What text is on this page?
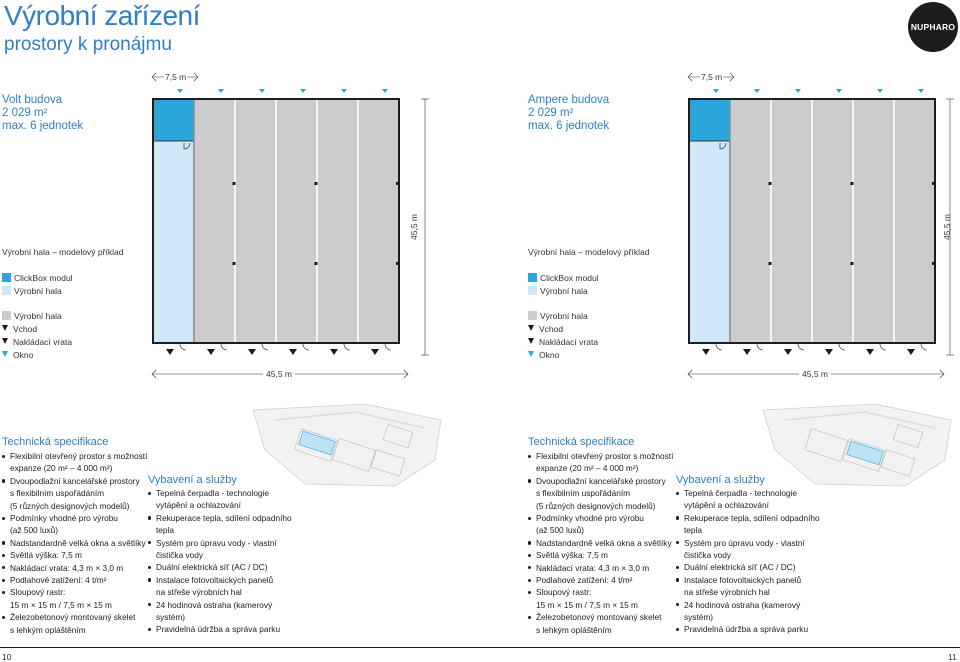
Výrobní zařízení
prostory k pronájmu
NUPHARO
Volt budova
2 029 m²
max. 6 jednotek
7,5 m
45,5 m
45,5 m
Výrobní hala – modelový příklad
ClickBox modul
Výrobní hala
Výrobní hala
Vchod
Nakládací vrata
Okno
Technická specifikace
Flexibilní otevřený prostor s možností
expanze (20 m² – 4 000 m²)
Dvoupodlažní kancelářské prostory
s flexibilním uspořádáním
(5 různých designových modelů)
Podmínky vhodné pro výrobu
(až 500 luxů)
Nadstandardně velká okna a světlíky
Světlá výška: 7,5 m
Nakládací vrata: 4,3 m × 3,0 m
Podlahové zatížení: 4 t/m²
Sloupový rastr:
15 m × 15 m / 7,5 m × 15 m
Železobetonový montovaný skelet
s lehkým opláštěním
Vybavení a služby
Tepelná čerpadla - technologie
vytápění a ochlazování
Rekuperace tepla, sdílení odpadního
tepla
Systém pro úpravu vody - vlastní
čistička vody
Duální elektrická síť (AC / DC)
Instalace fotovoltaických panelů
na střeše výrobních hal
24 hodinová ostraha (kamerový
systém)
Pravidelná údržba a správa parku
10
Ampere budova
2 029 m²
max. 6 jednotek
7,5 m
45,5 m
45,5 m
Výrobní hala – modelový příklad
ClickBox modul
Výrobní hala
Výrobní hala
Vchod
Nakládací vrata
Okno
Technická specifikace
Flexibilní otevřený prostor s možností
expanze (20 m² – 4 000 m²)
Dvoupodlažní kancelářské prostory
s flexibilním uspořádáním
(5 různých designových modelů)
Podmínky vhodné pro výrobu
(až 500 luxů)
Nadstandardně velká okna a světlíky
Světlá výška: 7,5 m
Nakládací vrata: 4,3 m × 3,0 m
Podlahové zatížení: 4 t/m²
Sloupový rastr:
15 m × 15 m / 7,5 m × 15 m
Železobetonový montovaný skelet
s lehkým opláštěním
Vybavení a služby
Tepelná čerpadla - technologie
vytápění a ochlazování
Rekuperace tepla, sdílení odpadního
tepla
Systém pro úpravu vody - vlastní
čistička vody
Duální elektrická síť (AC / DC)
Instalace fotovoltaických panelů
na střeše výrobních hal
24 hodinová ostraha (kamerový
systém)
Pravidelná údržba a správa parku
11
